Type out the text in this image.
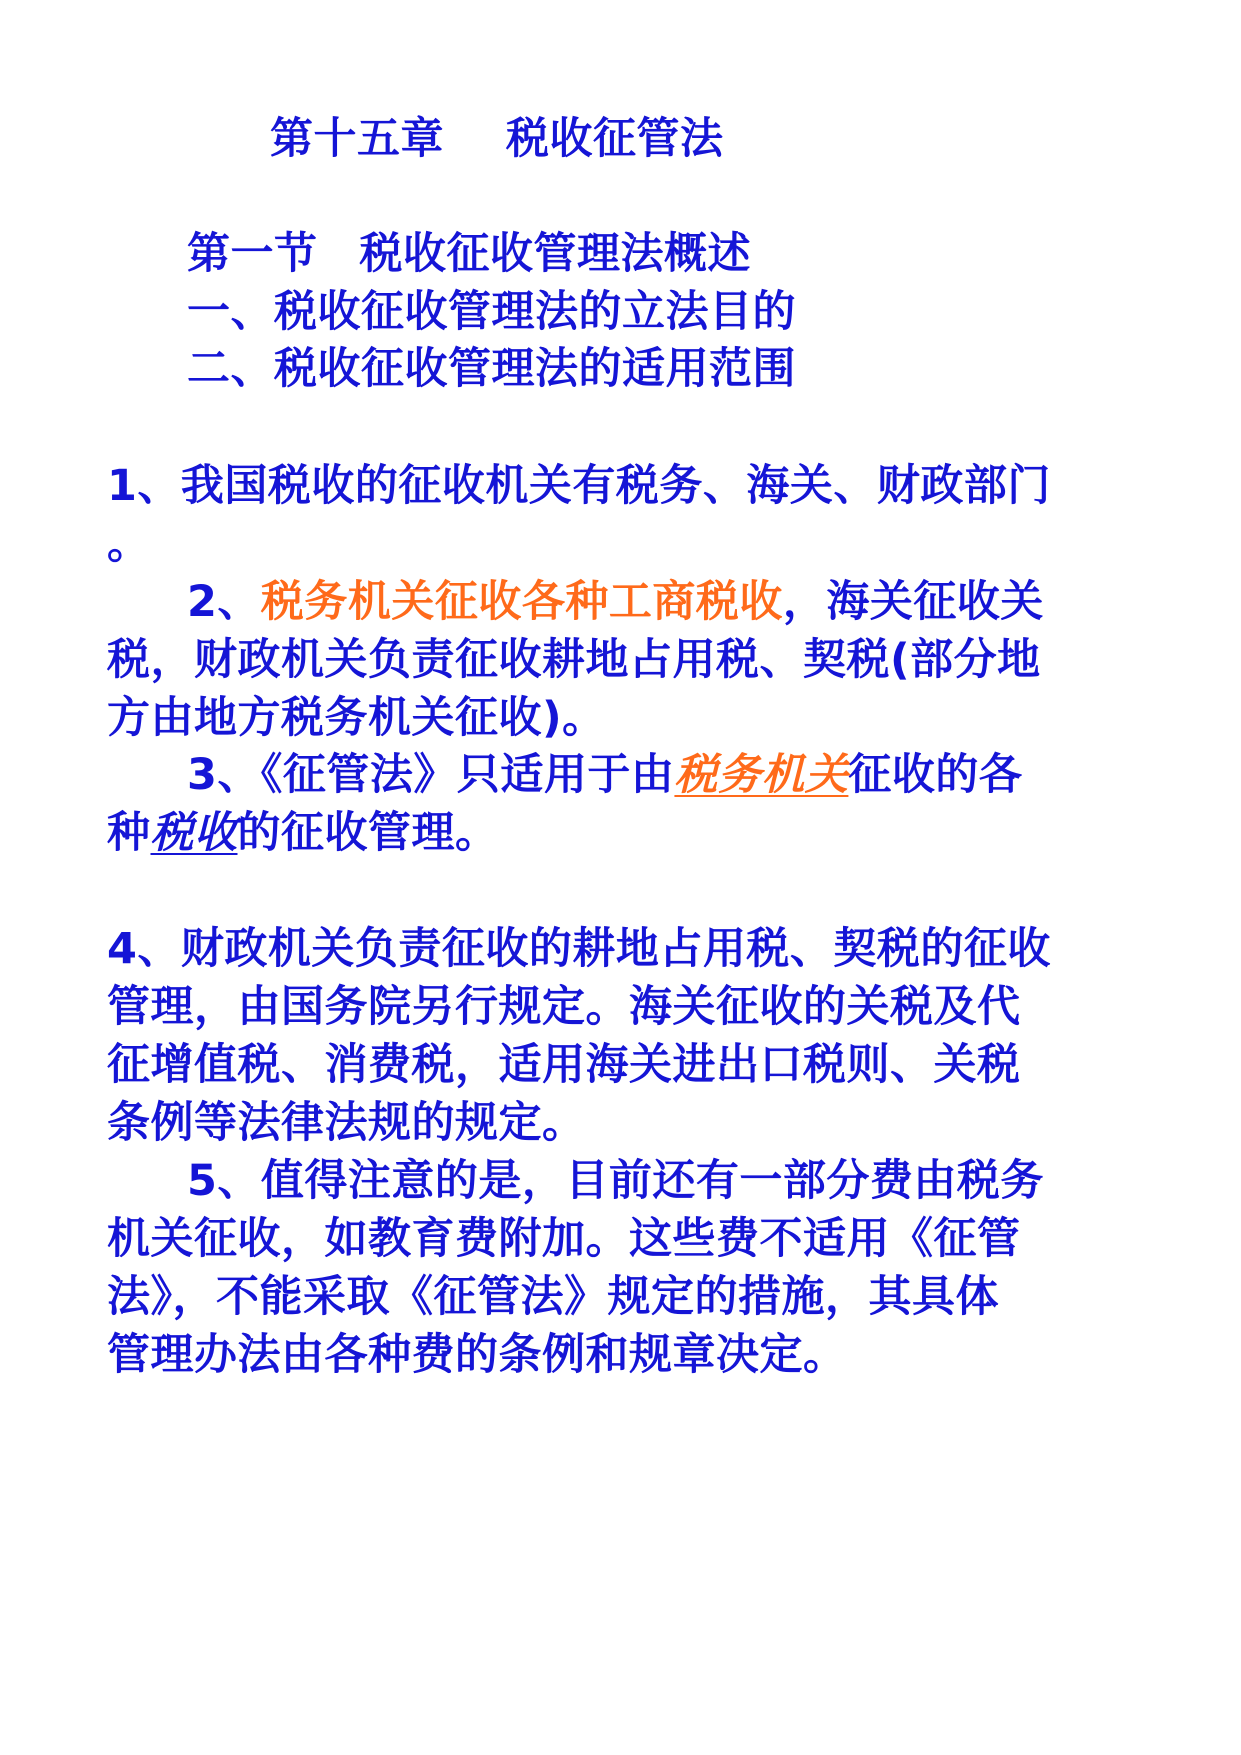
第十五章 税收征管法
第一节 税收征收管理法概述
一、税收征收管理法的立法目的
二、税收征收管理法的适用范围
1、我国税收的征收机关有税务、海关、财政部门
。
2、税务机关征收各种工商税收，海关征收关
税，财政机关负责征收耕地占用税、契税(部分地
方由地方税务机关征收)。
3、《征管法》只适用于由税务机关征收的各
种税收的征收管理。
4、财政机关负责征收的耕地占用税、契税的征收
管理，由国务院另行规定。海关征收的关税及代
征增值税、消费税，适用海关进出口税则、关税
条例等法律法规的规定。
5、值得注意的是，目前还有一部分费由税务
机关征收，如教育费附加。这些费不适用《征管
法》，不能采取《征管法》规定的措施，其具体
管理办法由各种费的条例和规章决定。
